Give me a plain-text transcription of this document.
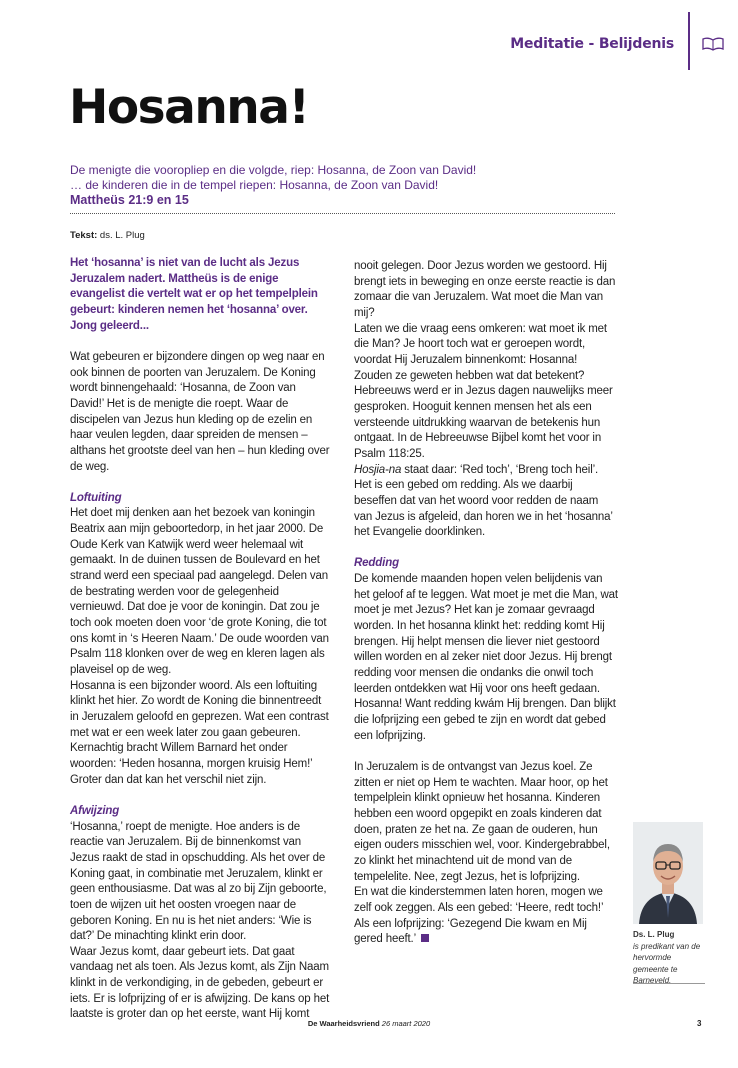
Meditatie - Belijdenis
Hosanna!
De menigte die vooropliep en die volgde, riep: Hosanna, de Zoon van David!
… de kinderen die in de tempel riepen: Hosanna, de Zoon van David!
Mattheüs 21:9 en 15
Tekst: ds. L. Plug

Het ‘hosanna’ is niet van de lucht als Jezus Jeruzalem nadert. Mattheüs is de enige evangelist die vertelt wat er op het tempelplein gebeurt: kinderen nemen het ‘hosanna’ over. Jong geleerd...

Wat gebeuren er bijzondere dingen op weg naar en ook binnen de poorten van Jeruzalem. De Koning wordt binnengehaald: ‘Hosanna, de Zoon van David!’ Het is de menigte die roept. Waar de discipelen van Jezus hun kleding op de ezelin en haar veulen legden, daar spreiden de mensen – althans het grootste deel van hen – hun kleding over de weg.

Loftuiting

Het doet mij denken aan het bezoek van koningin Beatrix aan mijn geboortedorp, in het jaar 2000. De Oude Kerk van Katwijk werd weer helemaal wit gemaakt. In de duinen tussen de Boulevard en het strand werd een speciaal pad aangelegd. Delen van de bestrating werden voor de gelegenheid vernieuwd. Dat doe je voor de koningin. Dat zou je toch ook moeten doen voor ‘de grote Koning, die tot ons komt in ‘s Heeren Naam.’ De oude woorden van Psalm 118 klonken over de weg en kleren lagen als plaveisel op de weg.

Hosanna is een bijzonder woord. Als een loftuiting klinkt het hier. Zo wordt de Koning die binnentreedt in Jeruzalem geloofd en geprezen. Wat een contrast met wat er een week later zou gaan gebeuren. Kernachtig bracht Willem Barnard het onder woorden: ‘Heden hosanna, morgen kruisig Hem!’ Groter dan dat kan het verschil niet zijn.

Afwijzing

‘Hosanna,’ roept de menigte. Hoe anders is de reactie van Jeruzalem. Bij de binnenkomst van Jezus raakt de stad in opschudding. Als het over de Koning gaat, in combinatie met Jeruzalem, klinkt er geen enthousiasme. Dat was al zo bij Zijn geboorte, toen de wijzen uit het oosten vroegen naar de geboren Koning. En nu is het niet anders: ‘Wie is dat?’ De minachting klinkt erin door.

Waar Jezus komt, daar gebeurt iets. Dat gaat vandaag net als toen. Als Jezus komt, als Zijn Naam klinkt in de verkondiging, in de gebeden, gebeurt er iets. Er is lofprijzing of er is afwijzing. De kans op het laatste is groter dan op het eerste, want Hij komt

nooit gelegen. Door Jezus worden we gestoord. Hij brengt iets in beweging en onze eerste reactie is dan zomaar die van Jeruzalem. Wat moet die Man van mij?

Laten we die vraag eens omkeren: wat moet ik met die Man? Je hoort toch wat er geroepen wordt, voordat Hij Jeruzalem binnenkomt: Hosanna! Zouden ze geweten hebben wat dat betekent? Hebreeuws werd er in Jezus dagen nauwelijks meer gesproken. Hooguit kennen mensen het als een versteende uitdrukking waarvan de betekenis hun ontgaat. In de Hebreeuwse Bijbel komt het voor in Psalm 118:25.

Hosjia-na staat daar: ‘Red toch’, ‘Breng toch heil’. Het is een gebed om redding. Als we daarbij beseffen dat van het woord voor redden de naam van Jezus is afgeleid, dan horen we in het ‘hosanna’ het Evangelie doorklinken.

Redding

De komende maanden hopen velen belijdenis van het geloof af te leggen. Wat moet je met die Man, wat moet je met Jezus? Het kan je zomaar gevraagd worden. In het hosanna klinkt het: redding komt Hij brengen. Hij helpt mensen die liever niet gestoord willen worden en al zeker niet door Jezus. Hij brengt redding voor mensen die ondanks die onwil toch leerden ontdekken wat Hij voor ons heeft gedaan. Hosanna! Want redding kwám Hij brengen. Dan blijkt die lofprijzing een gebed te zijn en wordt dat gebed een lofprijzing.

In Jeruzalem is de ontvangst van Jezus koel. Ze zitten er niet op Hem te wachten. Maar hoor, op het tempelplein klinkt opnieuw het hosanna. Kinderen hebben een woord opgepikt en zoals kinderen dat doen, praten ze het na. Ze gaan de ouderen, hun eigen ouders misschien wel, voor. Kindergebrabbel, zo klinkt het minachtend uit de mond van de tempelelite. Nee, zegt Jezus, het is lofprijzing.

En wat die kinderstemmen laten horen, mogen we zelf ook zeggen. Als een gebed: ‘Heere, redt toch!’ Als een lofprijzing: ‘Gezegend Die kwam en Mij gered heeft.’	Ds. L. Plug
is predikant van de hervormde gemeente te Barneveld.
De Waarheidsvriend 26 maart 2020	3
